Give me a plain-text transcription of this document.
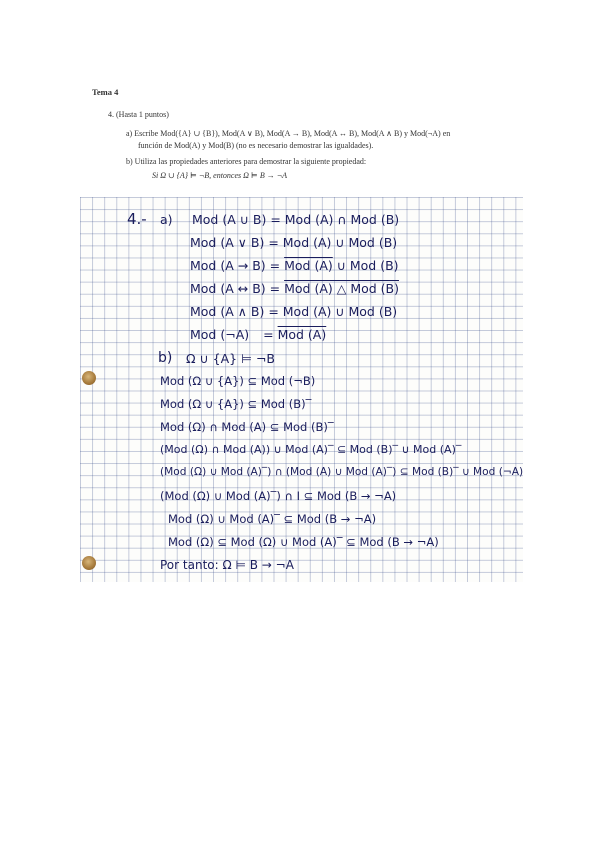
Tema 4
4. (Hasta 1 puntos)
a) Escribe Mod({A} ∪ {B}), Mod(A ∨ B), Mod(A → B), Mod(A ↔ B), Mod(A ∧ B) y Mod(¬A) en
función de Mod(A) y Mod(B) (no es necesario demostrar las igualdades).
b) Utiliza las propiedades anteriores para demostrar la siguiente propiedad:
Si Ω ∪ {A} ⊨ ¬B, entonces Ω ⊨ B → ¬A
4.- a) Mod (A ∪ B) = Mod (A) ∩ Mod (B)
Mod (A ∨ B) = Mod (A) ∪ Mod (B)
Mod (A → B) = Mod (A) ∪ Mod (B)
Mod (A ↔ B) = Mod (A) △ Mod (B)
Mod (A ∧ B) = Mod (A) ∪ Mod (B)
Mod (¬A) = Mod (A)
b) Ω ∪ {A} ⊨ ¬B
Mod (Ω ∪ {A}) ⊆ Mod (¬B)
Mod (Ω ∪ {A}) ⊆ Mod (B)‾
Mod (Ω) ∩ Mod (A) ⊆ Mod (B)‾
(Mod (Ω) ∩ Mod (A)) ∪ Mod (A)‾ ⊆ Mod (B)‾ ∪ Mod (A)‾
(Mod (Ω) ∪ Mod (A)‾) ∩ (Mod (A) ∪ Mod (A)‾) ⊆ Mod (B)‾ ∪ Mod (¬A)
(Mod (Ω) ∪ Mod (A)‾) ∩ I ⊆ Mod (B → ¬A)
Mod (Ω) ∪ Mod (A)‾ ⊆ Mod (B → ¬A)
Mod (Ω) ⊆ Mod (Ω) ∪ Mod (A)‾ ⊆ Mod (B → ¬A)
Por tanto: Ω ⊨ B → ¬A
